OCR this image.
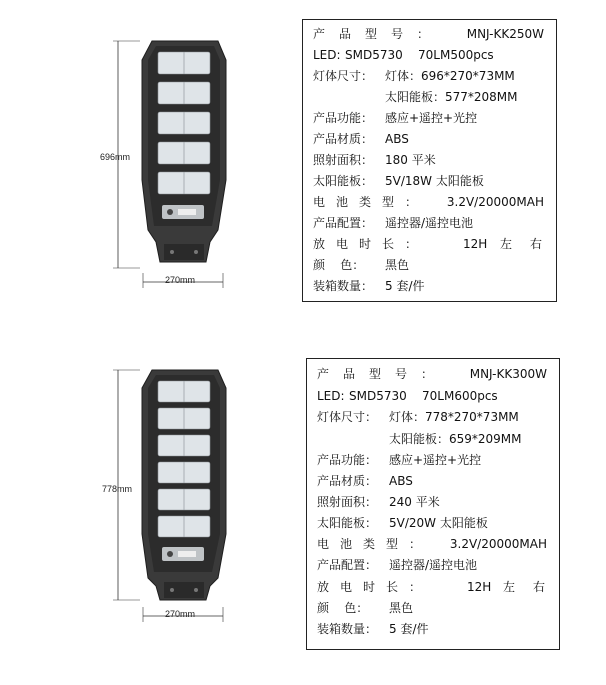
696mm
270mm
产品型号： MNJ-KK250W
LED: SMD5730    70LM500pcs
灯体尺寸： 灯体：696*270*73MM
太阳能板：577*208MM
产品功能： 感应+遥控+光控
产品材质： ABS
照射面积： 180 平米
太阳能板： 5V/18W 太阳能板
电池类型： 3.2V/20000MAH
产品配置： 遥控器/遥控电池
放电时长：	12H 左右
颜    色： 黑色
装箱数量： 5 套/件
778mm
270mm
产品型号： MNJ-KK300W
LED: SMD5730    70LM600pcs
灯体尺寸： 灯体：778*270*73MM
太阳能板：659*209MM
产品功能： 感应+遥控+光控
产品材质： ABS
照射面积： 240 平米
太阳能板： 5V/20W 太阳能板
电池类型： 3.2V/20000MAH
产品配置： 遥控器/遥控电池
放电时长：	12H 左右
颜    色： 黑色
装箱数量： 5 套/件
